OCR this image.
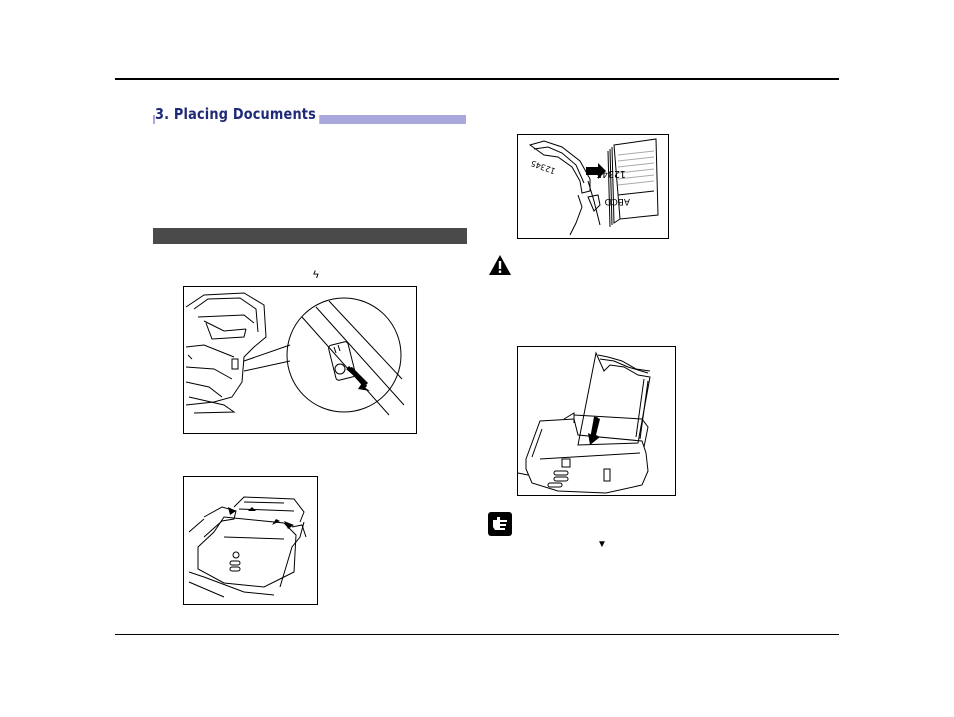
3. Placing Documents
ϟ
12345	12345
ABCD
▼
